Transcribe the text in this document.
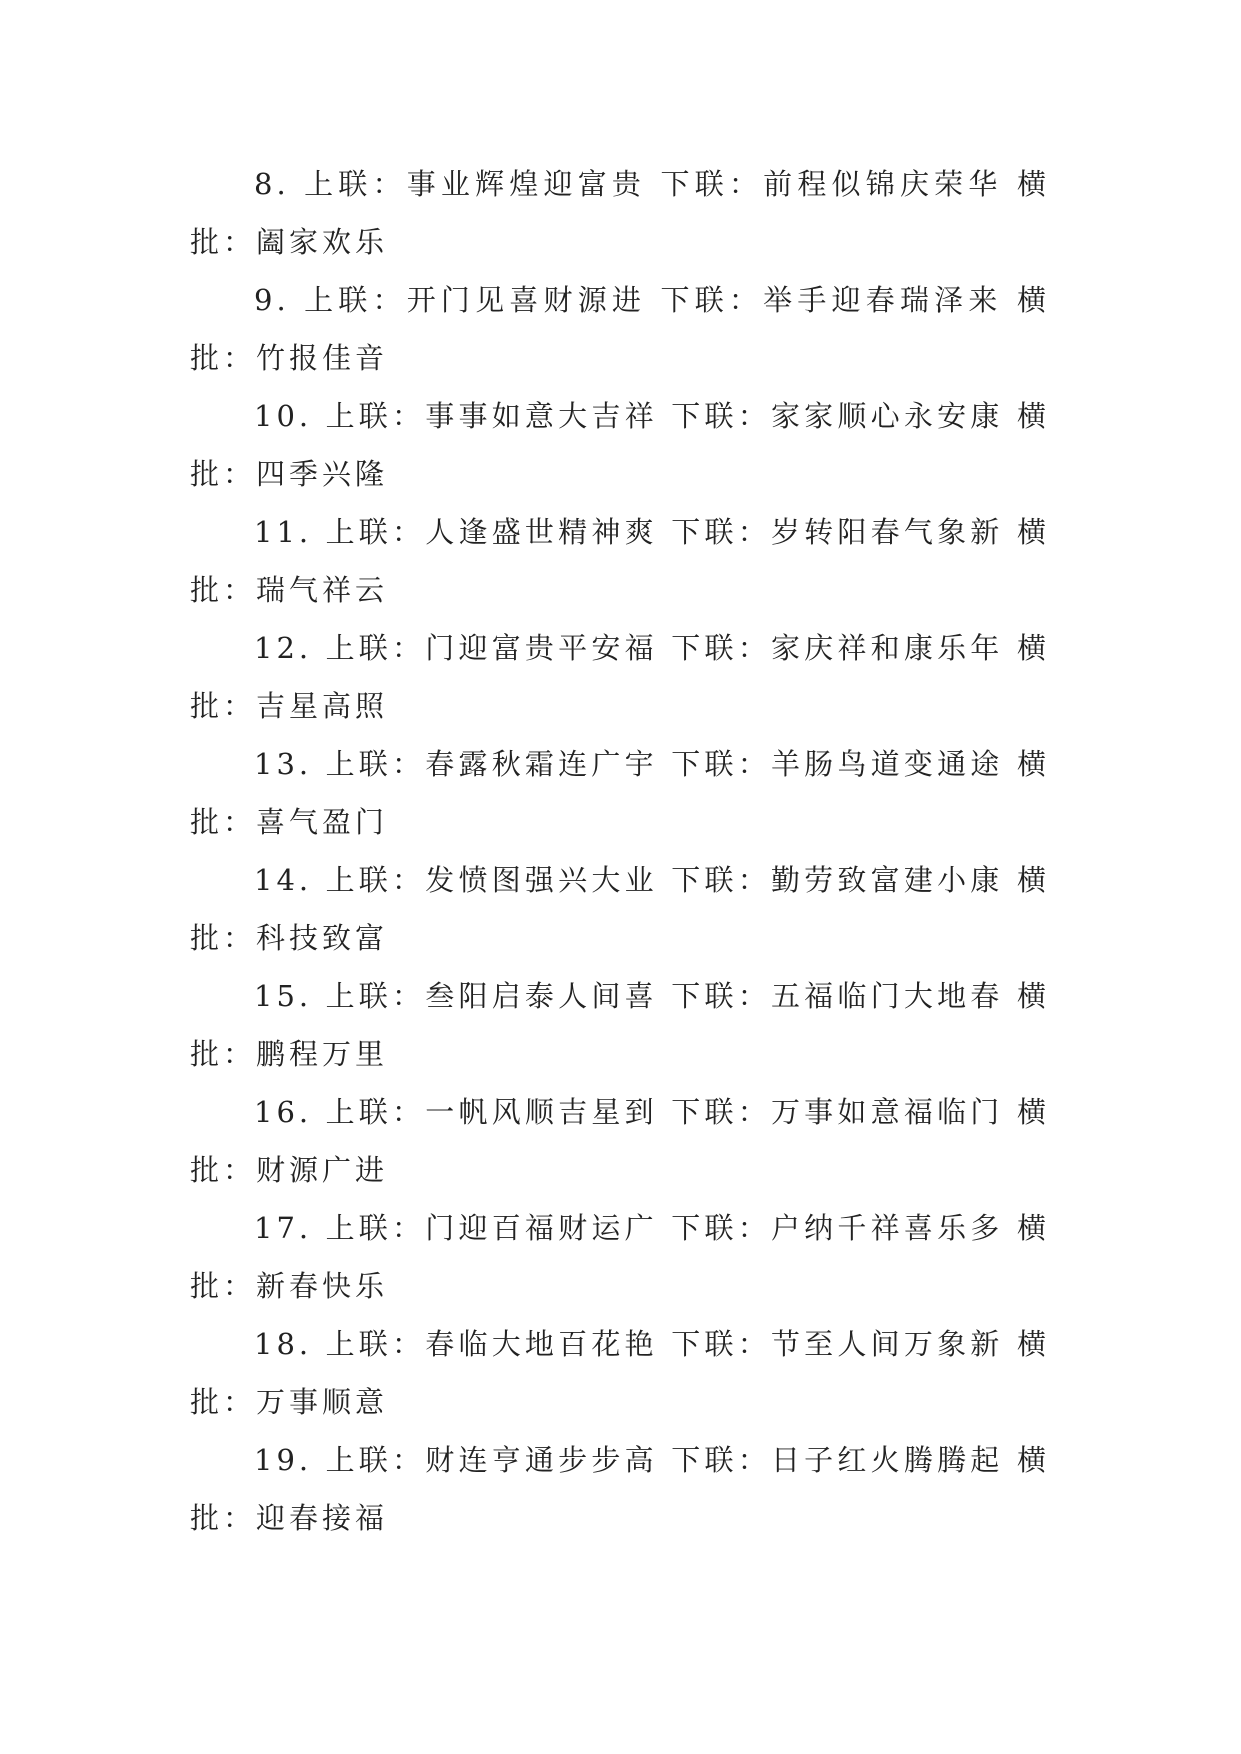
8. 上联：事业辉煌迎富贵 下联：前程似锦庆荣华 横批：阖家欢乐

9. 上联：开门见喜财源进 下联：举手迎春瑞泽来 横批：竹报佳音

10. 上联：事事如意大吉祥 下联：家家顺心永安康 横批：四季兴隆

11. 上联：人逢盛世精神爽 下联：岁转阳春气象新 横批：瑞气祥云

12. 上联：门迎富贵平安福 下联：家庆祥和康乐年 横批：吉星高照

13. 上联：春露秋霜连广宇 下联：羊肠鸟道变通途 横批：喜气盈门

14. 上联：发愤图强兴大业 下联：勤劳致富建小康 横批：科技致富

15. 上联：叁阳启泰人间喜 下联：五福临门大地春 横批：鹏程万里

16. 上联：一帆风顺吉星到 下联：万事如意福临门 横批：财源广进

17. 上联：门迎百福财运广 下联：户纳千祥喜乐多 横批：新春快乐

18. 上联：春临大地百花艳 下联：节至人间万象新 横批：万事顺意

19. 上联：财连亨通步步高 下联：日子红火腾腾起 横批：迎春接福
